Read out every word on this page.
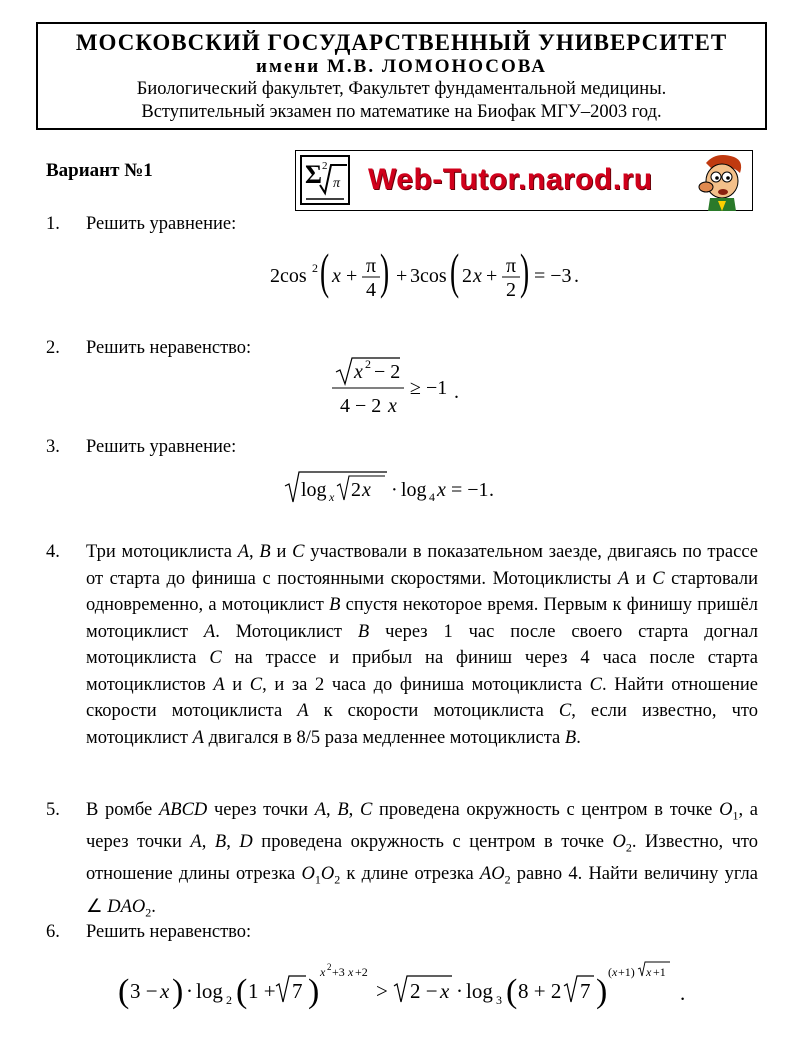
МОСКОВСКИЙ ГОСУДАРСТВЕННЫЙ УНИВЕРСИТЕТ
имени М.В. ЛОМОНОСОВА
Биологический факультет, Факультет фундаментальной медицины.
Вступительный экзамен по математике на Биофак МГУ–2003 год.
Вариант №1	Σ 2
π Web-Tutor.narod.ru
1. Решить уравнение:
2cos 2 ( x + π
4 ) + 3cos ( 2 x + π
2 ) = −3 .
2. Решить неравенство:
x 2 − 2
4 − 2 x
≥ −1 .
3. Решить уравнение:
log x 2 x · log 4 x = −1 .
4. Три мотоциклиста A, B и C участвовали в показательном заезде, двигаясь по трассе от старта до финиша с постоянными скоростями. Мотоциклисты A и C стартовали одновременно, а мотоциклист B спустя некоторое время. Первым к финишу пришёл мотоциклист A. Мотоциклист B через 1 час после своего старта догнал мотоциклиста C на трассе и прибыл на финиш через 4 часа после старта мотоциклистов A и C, и за 2 часа до финиша мотоциклиста C. Найти отношение скорости мотоциклиста A к скорости мотоциклиста C, если известно, что мотоциклист A двигался в 8/5 раза медленнее мотоциклиста B.
5. В ромбе ABCD через точки A, B, C проведена окружность с центром в точке $O_1$, а через точки A, B, D проведена окружность с центром в точке $O_2$. Известно, что отношение длины отрезка $O_1O_2$ к длине отрезка $AO_2$ равно 4. Найти величину угла ∠ $DAO_2$.
6. Решить неравенство:
( 3 − x ) · log 2 ( 1 + 7 )
x 2 +3 x +2
> 2 − x · log 3 ( 8 + 2 7 )
( x +1) x +1
.
